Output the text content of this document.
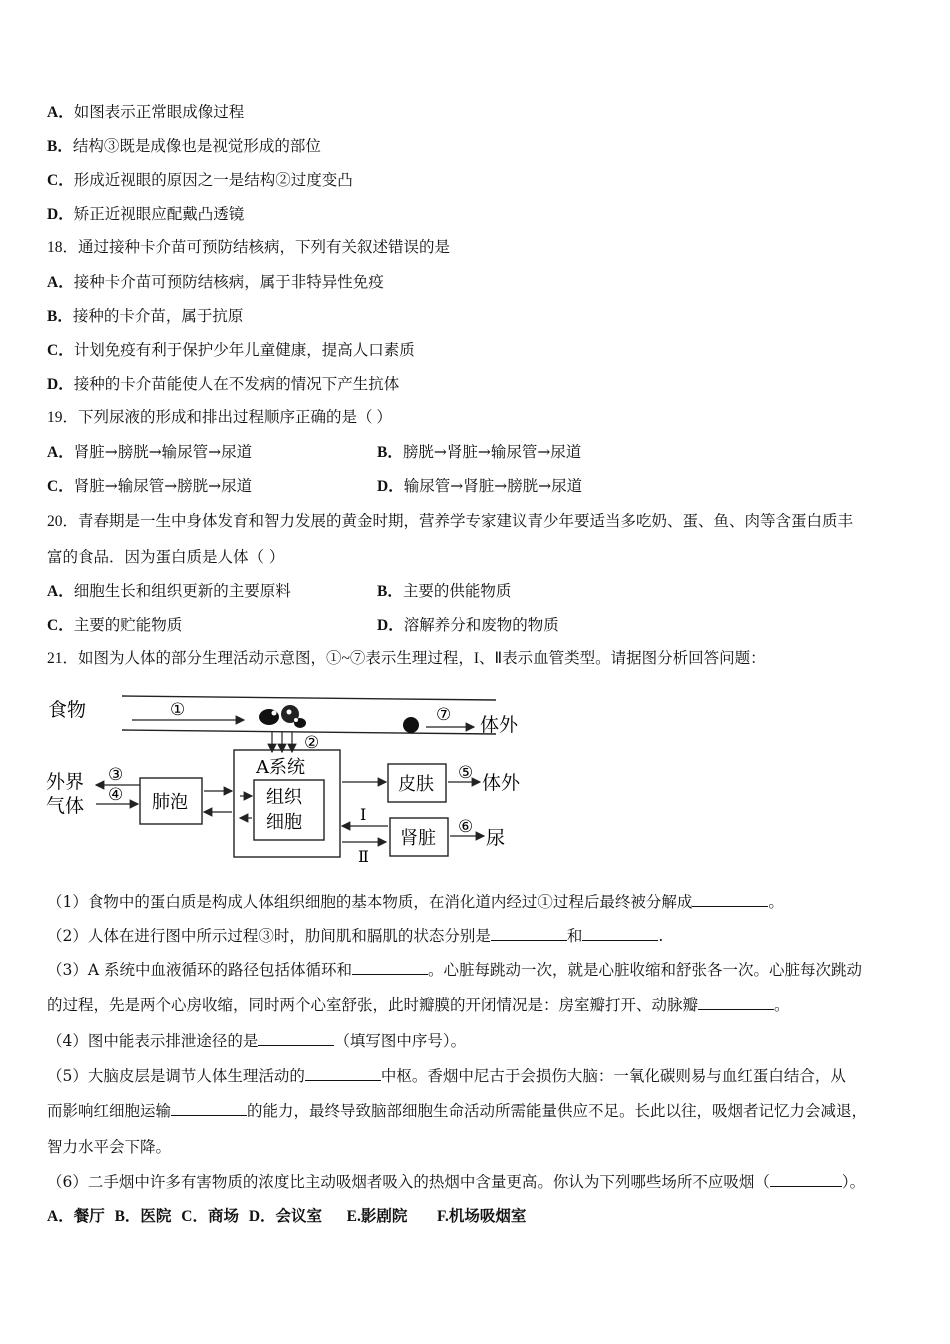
A．如图表示正常眼成像过程
B．结构③既是成像也是视觉形成的部位
C．形成近视眼的原因之一是结构②过度变凸
D．矫正近视眼应配戴凸透镜
18．通过接种卡介苗可预防结核病，下列有关叙述错误的是
A．接种卡介苗可预防结核病，属于非特异性免疫
B．接种的卡介苗，属于抗原
C．计划免疫有利于保护少年儿童健康，提高人口素质
D．接种的卡介苗能使人在不发病的情况下产生抗体
19．下列尿液的形成和排出过程顺序正确的是（ ）
A．肾脏→膀胱→输尿管→尿道	B．膀胱→肾脏→输尿管→尿道
C．肾脏→输尿管→膀胱→尿道	D．输尿管→肾脏→膀胱→尿道
20．青春期是一生中身体发育和智力发展的黄金时期，营养学专家建议青少年要适当多吃奶、蛋、鱼、肉等含蛋白质丰
富的食品．因为蛋白质是人体（ ）
A．细胞生长和组织更新的主要原料	B．主要的供能物质
C．主要的贮能物质	D．溶解养分和废物的物质
21．如图为人体的部分生理活动示意图，①~⑦表示生理过程，I、Ⅱ表示血管类型。请据图分析回答问题：
食物	①	⑦ 体外
②
A系统
组织
细胞
外界
气体
③
④ 肺泡
皮肤
⑤ 体外
I
Ⅱ
肾脏
⑥ 尿
（1）食物中的蛋白质是构成人体组织细胞的基本物质，在消化道内经过①过程后最终被分解成	。
（2）人体在进行图中所示过程③时，肋间肌和膈肌的状态分别是	和	.
（3）A 系统中血液循环的路径包括体循环和	。心脏每跳动一次，就是心脏收缩和舒张各一次。心脏每次跳动
的过程，先是两个心房收缩，同时两个心室舒张，此时瓣膜的开闭情况是：房室瓣打开、动脉瓣	。
（4）图中能表示排泄途径的是	（填写图中序号）。
（5）大脑皮层是调节人体生理活动的	中枢。香烟中尼古于会损伤大脑：一氧化碳则易与血红蛋白结合，从
而影响红细胞运输	的能力，最终导致脑部细胞生命活动所需能量供应不足。长此以往，吸烟者记忆力会减退，
智力水平会下降。
（6）二手烟中许多有害物质的浓度比主动吸烟者吸入的热烟中含量更高。你认为下列哪些场所不应吸烟（	）。
A．餐厅 B．医院 C．商场 D．会议室 E.影剧院 F.机场吸烟室
